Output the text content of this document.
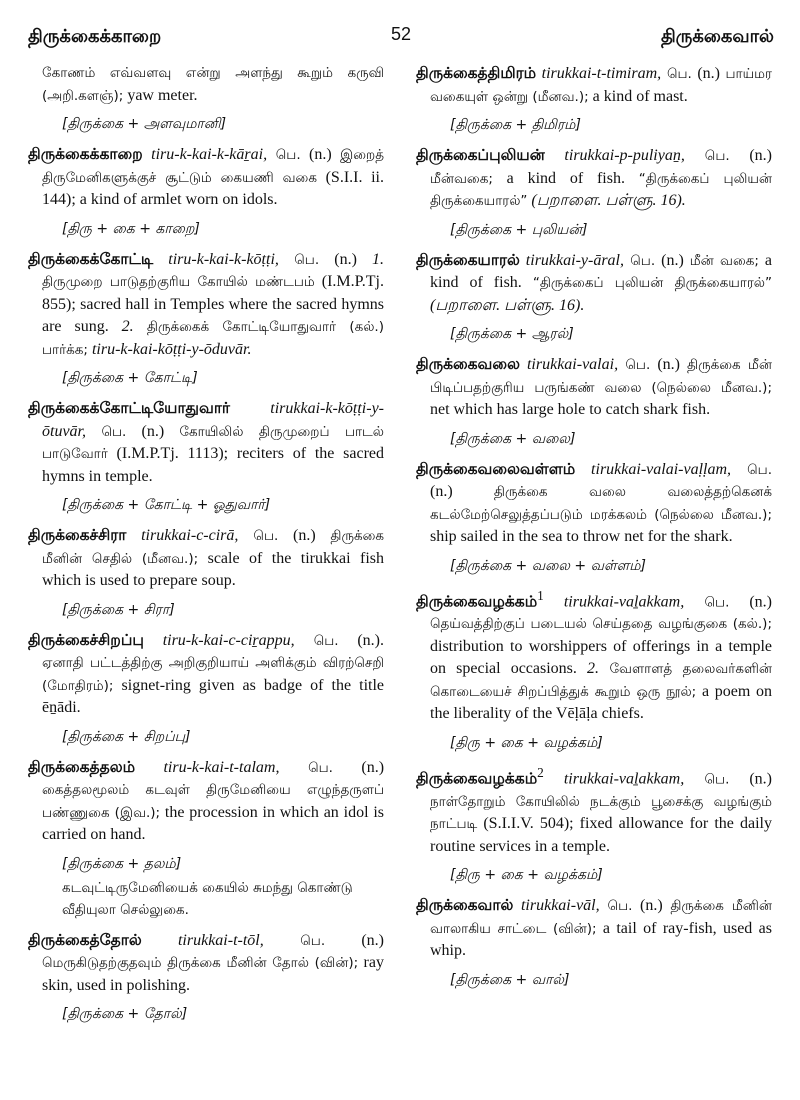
திருக்கைக்காறை	52	திருக்கைவால்
கோணம் எவ்வளவு என்று அளந்து கூறும் கருவி (அறி.களஞ்); yaw meter.
[திருக்கை + அளவுமானி]
திருக்கைக்காறை tiru-k-kai-k-kāṟai, பெ. (n.) இறைத் திருமேனிகளுக்குச் சூட்டும் கையணி வகை (S.I.I. ii. 144); a kind of armlet worn on idols.
[திரு + கை + காறை]
திருக்கைக்கோட்டி tiru-k-kai-k-kōṭṭi, பெ. (n.) 1. திருமுறை பாடுதற்குரிய கோயில் மண்டபம் (I.M.P.Tj. 855); sacred hall in Temples where the sacred hymns are sung. 2. திருக்கைக் கோட்டியோதுவார் (கல்.) பார்க்க; tiru-k-kai-kōṭṭi-y-ōduvār.
[திருக்கை + கோட்டி]
திருக்கைக்கோட்டியோதுவார் tirukkai-k-kōṭṭi-y-ōtuvār, பெ. (n.) கோயிலில் திருமுறைப் பாடல் பாடுவோர் (I.M.P.Tj. 1113); reciters of the sacred hymns in temple.
[திருக்கை + கோட்டி + ஓதுவார்]
திருக்கைச்சிரா tirukkai-c-cirā, பெ. (n.) திருக்கை மீனின் செதில் (மீனவ.); scale of the tirukkai fish which is used to prepare soup.
[திருக்கை + சிரா]
திருக்கைச்சிறப்பு tiru-k-kai-c-ciṟappu, பெ. (n.). ஏனாதி பட்டத்திற்கு அறிகுறியாய் அளிக்கும் விரற்செறி (மோதிரம்); signet-ring given as badge of the title ēṉādi.
[திருக்கை + சிறப்பு]
திருக்கைத்தலம் tiru-k-kai-t-talam, பெ. (n.) கைத்தலமூலம் கடவுள் திருமேனியை எழுந்தருளப் பண்ணுகை (இவ.); the procession in which an idol is carried on hand.
[திருக்கை + தலம்]
கடவுட்டிருமேனியைக் கையில் சுமந்து கொண்டு வீதியுலா செல்லுகை.
திருக்கைத்தோல் tirukkai-t-tōl, பெ. (n.) மெருகிடுதற்குதவும் திருக்கை மீனின் தோல் (வின்); ray skin, used in polishing.
[திருக்கை + தோல்]
திருக்கைத்திமிரம் tirukkai-t-timiram, பெ. (n.) பாய்மர வகையுள் ஒன்று (மீனவ.); a kind of mast.
[திருக்கை + திமிரம்]
திருக்கைப்புலியன் tirukkai-p-puliyaṉ, பெ. (n.) மீன்வகை; a kind of fish. “திருக்கைப் புலியன் திருக்கையாரல்” (பறாளை. பள்ளு. 16).
[திருக்கை + புலியன்]
திருக்கையாரல் tirukkai-y-āral, பெ. (n.) மீன் வகை; a kind of fish. “திருக்கைப் புலியன் திருக்கையாரல்” (பறாளை. பள்ளு. 16).
[திருக்கை + ஆரல்]
திருக்கைவலை tirukkai-valai, பெ. (n.) திருக்கை மீன் பிடிப்பதற்குரிய பருங்கண் வலை (நெல்லை மீனவ.); net which has large hole to catch shark fish.
[திருக்கை + வலை]
திருக்கைவலைவள்ளம் tirukkai-valai-vaḷḷam, பெ. (n.) திருக்கை வலை வலைத்தற்கெனக் கடல்மேற்செலுத்தப்படும் மரக்கலம் (நெல்லை மீனவ.); ship sailed in the sea to throw net for the shark.
[திருக்கை + வலை + வள்ளம்]
திருக்கைவழக்கம்$^1$ tirukkai-vaḻakkam, பெ. (n.) தெய்வத்திற்குப் படையல் செய்ததை வழங்குகை (கல்.); distribution to worshippers of offerings in a temple on special occasions. 2. வேளாளத் தலைவர்களின் கொடையைச் சிறப்பித்துக் கூறும் ஒரு நூல்; a poem on the liberality of the Vēḷāḷa chiefs.
[திரு + கை + வழக்கம்]
திருக்கைவழக்கம்$^2$ tirukkai-vaḻakkam, பெ. (n.) நாள்தோறும் கோயிலில் நடக்கும் பூசைக்கு வழங்கும் நாட்படி (S.I.I.V. 504); fixed allowance for the daily routine services in a temple.
[திரு + கை + வழக்கம்]
திருக்கைவால் tirukkai-vāl, பெ. (n.) திருக்கை மீனின் வாலாகிய சாட்டை (வின்); a tail of ray-fish, used as whip.
[திருக்கை + வால்]
